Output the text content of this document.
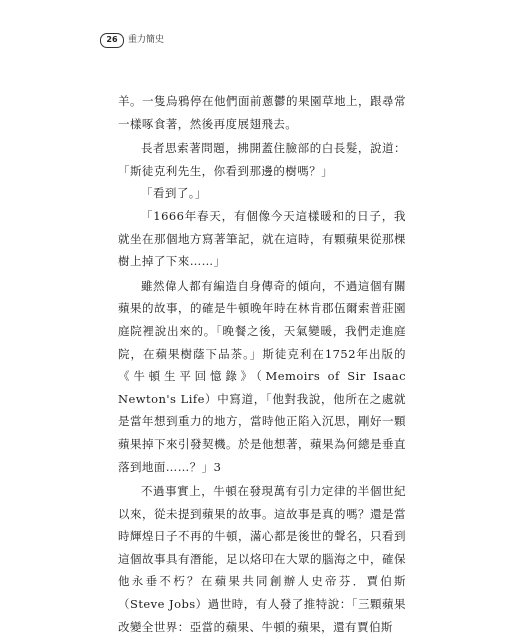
26	重力簡史

羊。一隻烏鴉停在他們面前蔥鬱的果園草地上，跟尋常一樣啄食著，然後再度展翅飛去。

長者思索著問題，拂開蓋住臉部的白長髮，說道：「斯徒克利先生，你看到那邊的樹嗎？」

「看到了。」

「1666年春天，有個像今天這樣暖和的日子，我就坐在那個地方寫著筆記，就在這時，有顆蘋果從那棵樹上掉了下來……」

雖然偉人都有編造自身傳奇的傾向，不過這個有關蘋果的故事，的確是牛頓晚年時在林肯郡伍爾索普莊園庭院裡說出來的。「晚餐之後，天氣變暖，我們走進庭院，在蘋果樹蔭下品茶。」斯徒克利在1752年出版的《牛頓生平回憶錄》（Memoirs of Sir Isaac Newton's Life）中寫道，「他對我說，他所在之處就是當年想到重力的地方，當時他正陷入沉思，剛好一顆蘋果掉下來引發契機。於是他想著，蘋果為何總是垂直落到地面……？」3

不過事實上，牛頓在發現萬有引力定律的半個世紀以來，從未提到蘋果的故事。這故事是真的嗎？還是當時輝煌日子不再的牛頓，滿心都是後世的聲名，只看到這個故事具有潛能，足以烙印在大眾的腦海之中，確保他永垂不朽？在蘋果共同創辦人史帝芬．賈伯斯（Steve Jobs）過世時，有人發了推特說：「三顆蘋果改變全世界：亞當的蘋果、牛頓的蘋果，還有賈伯斯
